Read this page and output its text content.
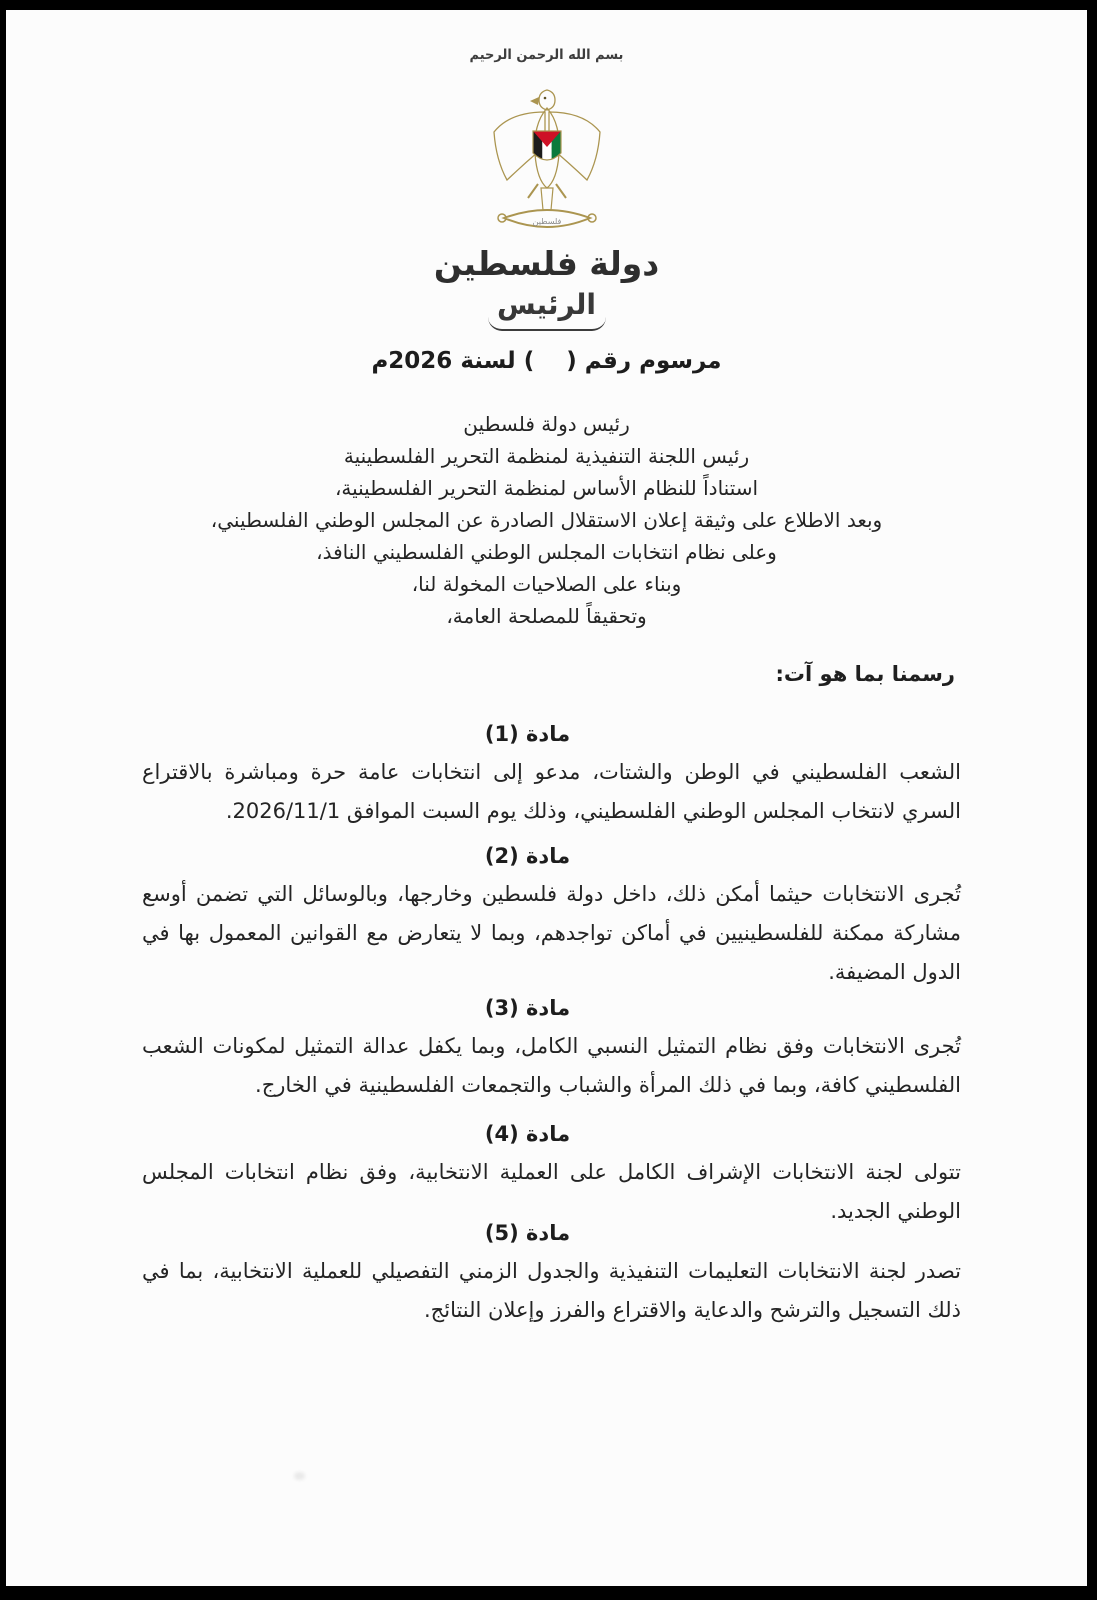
بسم الله الرحمن الرحيم
فلسطين
دولة فلسطين
الرئيس
مرسوم رقم (    ) لسنة 2026م
رئيس دولة فلسطين
رئيس اللجنة التنفيذية لمنظمة التحرير الفلسطينية
استناداً للنظام الأساس لمنظمة التحرير الفلسطينية،
وبعد الاطلاع على وثيقة إعلان الاستقلال الصادرة عن المجلس الوطني الفلسطيني،
وعلى نظام انتخابات المجلس الوطني الفلسطيني النافذ،
وبناء على الصلاحيات المخولة لنا،
وتحقيقاً للمصلحة العامة،
رسمنا بما هو آت:
مادة (1)

الشعب الفلسطيني في الوطن والشتات، مدعو إلى انتخابات عامة حرة ومباشرة بالاقتراع السري لانتخاب المجلس الوطني الفلسطيني، وذلك يوم السبت الموافق 2026/11/1.

مادة (2)

تُجرى الانتخابات حيثما أمكن ذلك، داخل دولة فلسطين وخارجها، وبالوسائل التي تضمن أوسع مشاركة ممكنة للفلسطينيين في أماكن تواجدهم، وبما لا يتعارض مع القوانين المعمول بها في الدول المضيفة.

مادة (3)

تُجرى الانتخابات وفق نظام التمثيل النسبي الكامل، وبما يكفل عدالة التمثيل لمكونات الشعب الفلسطيني كافة، وبما في ذلك المرأة والشباب والتجمعات الفلسطينية في الخارج.

مادة (4)

تتولى لجنة الانتخابات الإشراف الكامل على العملية الانتخابية، وفق نظام انتخابات المجلس الوطني الجديد.

مادة (5)

تصدر لجنة الانتخابات التعليمات التنفيذية والجدول الزمني التفصيلي للعملية الانتخابية، بما في ذلك التسجيل والترشح والدعاية والاقتراع والفرز وإعلان النتائج.
